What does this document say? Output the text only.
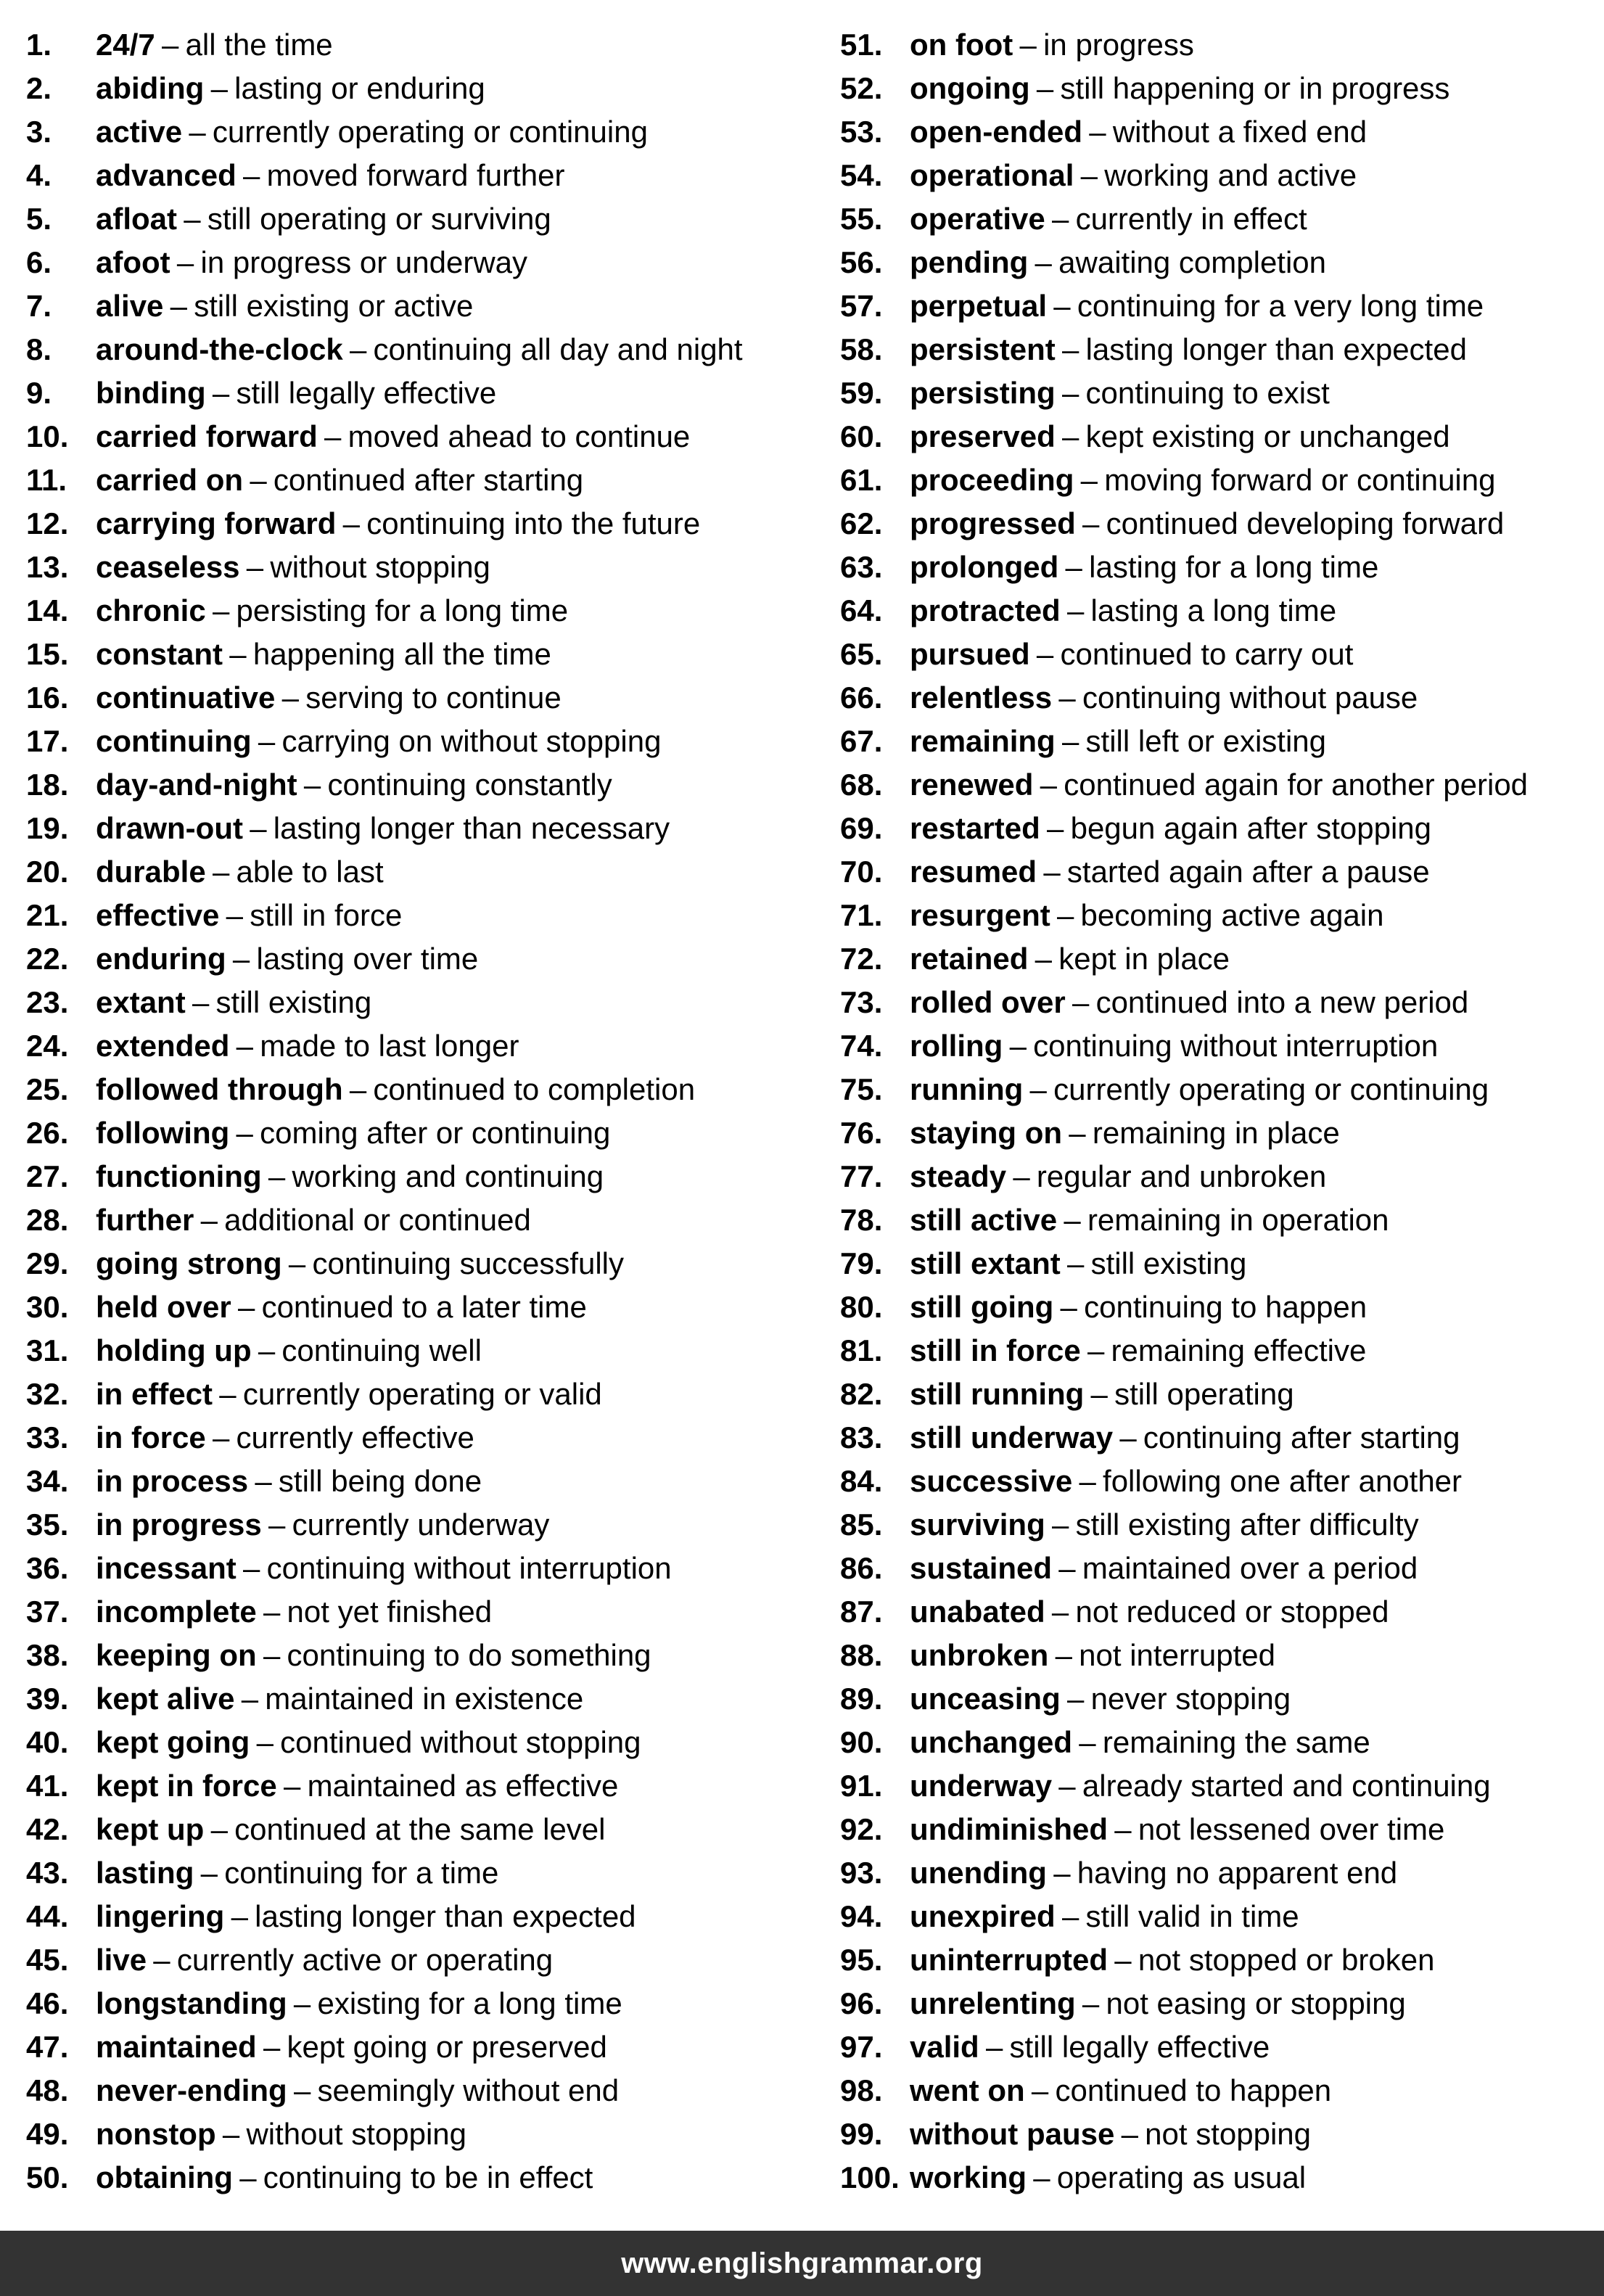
1.	24/7 – all the time
2.	abiding – lasting or enduring
3.	active – currently operating or continuing
4.	advanced – moved forward further
5.	afloat – still operating or surviving
6.	afoot – in progress or underway
7.	alive – still existing or active
8.	around-the-clock – continuing all day and night
9.	binding – still legally effective
10. carried forward – moved ahead to continue
11. carried on – continued after starting
12. carrying forward – continuing into the future
13. ceaseless – without stopping
14. chronic – persisting for a long time
15. constant – happening all the time
16. continuative – serving to continue
17. continuing – carrying on without stopping
18. day-and-night – continuing constantly
19. drawn-out – lasting longer than necessary
20. durable – able to last
21. effective – still in force
22. enduring – lasting over time
23. extant – still existing
24. extended – made to last longer
25. followed through – continued to completion
26. following – coming after or continuing
27. functioning – working and continuing
28. further – additional or continued
29. going strong – continuing successfully
30. held over – continued to a later time
31. holding up – continuing well
32. in effect – currently operating or valid
33. in force – currently effective
34. in process – still being done
35. in progress – currently underway
36. incessant – continuing without interruption
37. incomplete – not yet finished
38. keeping on – continuing to do something
39. kept alive – maintained in existence
40. kept going – continued without stopping
41. kept in force – maintained as effective
42. kept up – continued at the same level
43. lasting – continuing for a time
44. lingering – lasting longer than expected
45. live – currently active or operating
46. longstanding – existing for a long time
47. maintained – kept going or preserved
48. never-ending – seemingly without end
49. nonstop – without stopping
50. obtaining – continuing to be in effect
51. on foot – in progress
52. ongoing – still happening or in progress
53. open-ended – without a fixed end
54. operational – working and active
55. operative – currently in effect
56. pending – awaiting completion
57. perpetual – continuing for a very long time
58. persistent – lasting longer than expected
59. persisting – continuing to exist
60. preserved – kept existing or unchanged
61. proceeding – moving forward or continuing
62. progressed – continued developing forward
63. prolonged – lasting for a long time
64. protracted – lasting a long time
65. pursued – continued to carry out
66. relentless – continuing without pause
67. remaining – still left or existing
68. renewed – continued again for another period
69. restarted – begun again after stopping
70. resumed – started again after a pause
71. resurgent – becoming active again
72. retained – kept in place
73. rolled over – continued into a new period
74. rolling – continuing without interruption
75. running – currently operating or continuing
76. staying on – remaining in place
77. steady – regular and unbroken
78. still active – remaining in operation
79. still extant – still existing
80. still going – continuing to happen
81. still in force – remaining effective
82. still running – still operating
83. still underway – continuing after starting
84. successive – following one after another
85. surviving – still existing after difficulty
86. sustained – maintained over a period
87. unabated – not reduced or stopped
88. unbroken – not interrupted
89. unceasing – never stopping
90. unchanged – remaining the same
91. underway – already started and continuing
92. undiminished – not lessened over time
93. unending – having no apparent end
94. unexpired – still valid in time
95. uninterrupted – not stopped or broken
96. unrelenting – not easing or stopping
97. valid – still legally effective
98. went on – continued to happen
99. without pause – not stopping
100. working – operating as usual
www.englishgrammar.org
